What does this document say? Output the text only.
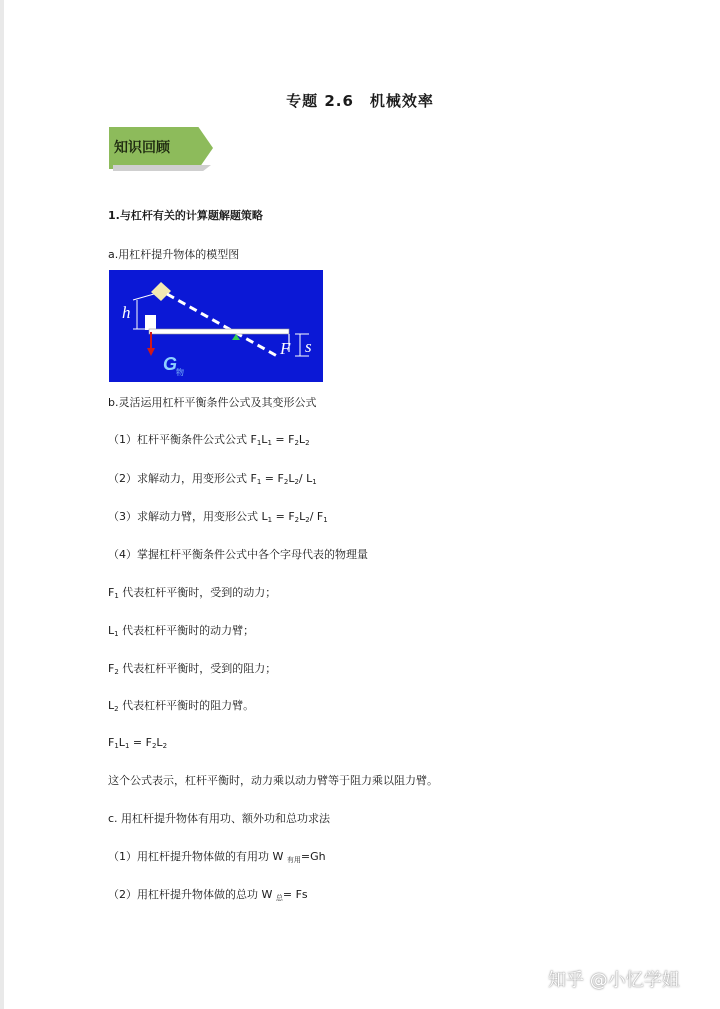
专题 2.6　机械效率
知识回顾
1.与杠杆有关的计算题解题策略
a.用杠杆提升物体的模型图
h
G
物
F s
b.灵活运用杠杆平衡条件公式及其变形公式
（1）杠杆平衡条件公式公式 $F_1L_1 = F_2L_2$
（2）求解动力，用变形公式 $F_1 = F_2L_2/$ $L_1$
（3）求解动力臂，用变形公式 $L_1 = F_2L_2/$ $F_1$
（4）掌握杠杆平衡条件公式中各个字母代表的物理量
$F_1$ 代表杠杆平衡时，受到的动力；
$L_1$ 代表杠杆平衡时的动力臂；
$F_2$ 代表杠杆平衡时，受到的阻力；
$L_2$ 代表杠杆平衡时的阻力臂。
$F_1L_1 = F_2L_2$
这个公式表示，杠杆平衡时，动力乘以动力臂等于阻力乘以阻力臂。
c. 用杠杆提升物体有用功、额外功和总功求法
（1）用杠杆提升物体做的有用功 W $_{有用}$=Gh
（2）用杠杆提升物体做的总功 W $_总$= Fs
知乎 @小忆学姐
